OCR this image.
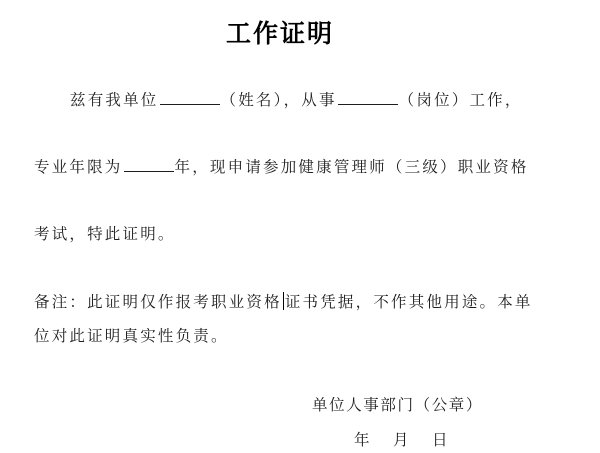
工作证明
兹有我单位	（姓名），从事	（岗位）工作，
专业年限为	年，现申请参加健康管理师（三级）职业资格
考试，特此证明。
备注：此证明仅作报考职业资格 证书凭据，不作其他用途。本单
位对此证明真实性负责。
单位人事部门（公章）
年　月　日
